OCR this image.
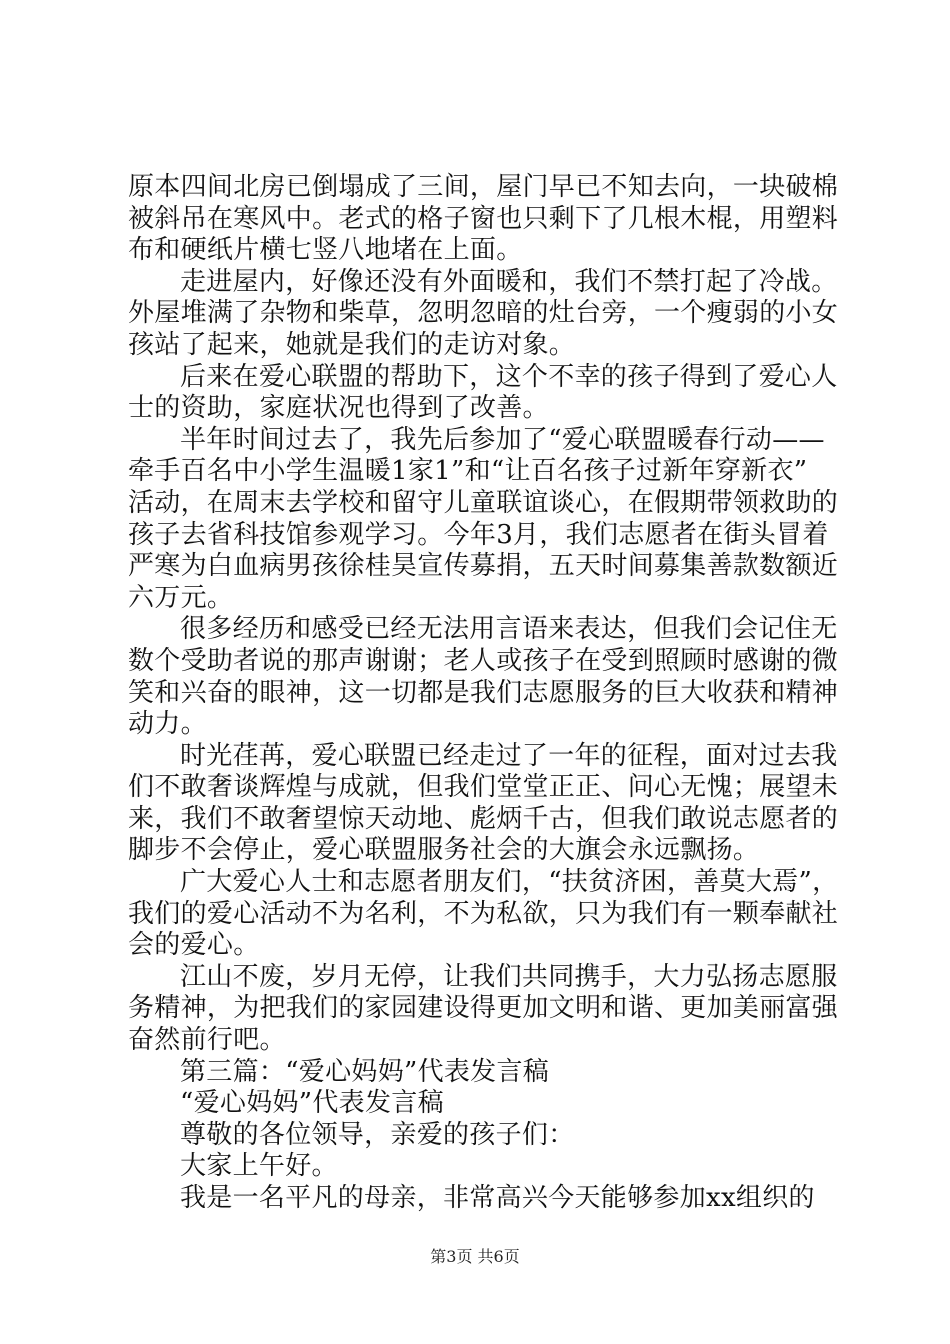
原本四间北房已倒塌成了三间，屋门早已不知去向，一块破棉
被斜吊在寒风中。老式的格子窗也只剩下了几根木棍，用塑料
布和硬纸片横七竖八地堵在上面。
走进屋内，好像还没有外面暖和，我们不禁打起了冷战。
外屋堆满了杂物和柴草，忽明忽暗的灶台旁，一个瘦弱的小女
孩站了起来，她就是我们的走访对象。
后来在爱心联盟的帮助下，这个不幸的孩子得到了爱心人
士的资助，家庭状况也得到了改善。
半年时间过去了，我先后参加了“爱心联盟暖春行动——
牵手百名中小学生温暖1家1”和“让百名孩子过新年穿新衣”
活动，在周末去学校和留守儿童联谊谈心，在假期带领救助的
孩子去省科技馆参观学习。今年3月，我们志愿者在街头冒着
严寒为白血病男孩徐桂昊宣传募捐，五天时间募集善款数额近
六万元。
很多经历和感受已经无法用言语来表达，但我们会记住无
数个受助者说的那声谢谢；老人或孩子在受到照顾时感谢的微
笑和兴奋的眼神，这一切都是我们志愿服务的巨大收获和精神
动力。
时光荏苒，爱心联盟已经走过了一年的征程，面对过去我
们不敢奢谈辉煌与成就，但我们堂堂正正、问心无愧；展望未
来，我们不敢奢望惊天动地、彪炳千古，但我们敢说志愿者的
脚步不会停止，爱心联盟服务社会的大旗会永远飘扬。
广大爱心人士和志愿者朋友们，“扶贫济困，善莫大焉”，
我们的爱心活动不为名利，不为私欲，只为我们有一颗奉献社
会的爱心。
江山不废，岁月无停，让我们共同携手，大力弘扬志愿服
务精神，为把我们的家园建设得更加文明和谐、更加美丽富强
奋然前行吧。
第三篇：“爱心妈妈”代表发言稿
“爱心妈妈”代表发言稿
尊敬的各位领导，亲爱的孩子们：
大家上午好。
我是一名平凡的母亲，非常高兴今天能够参加xx组织的
第3页 共6页
